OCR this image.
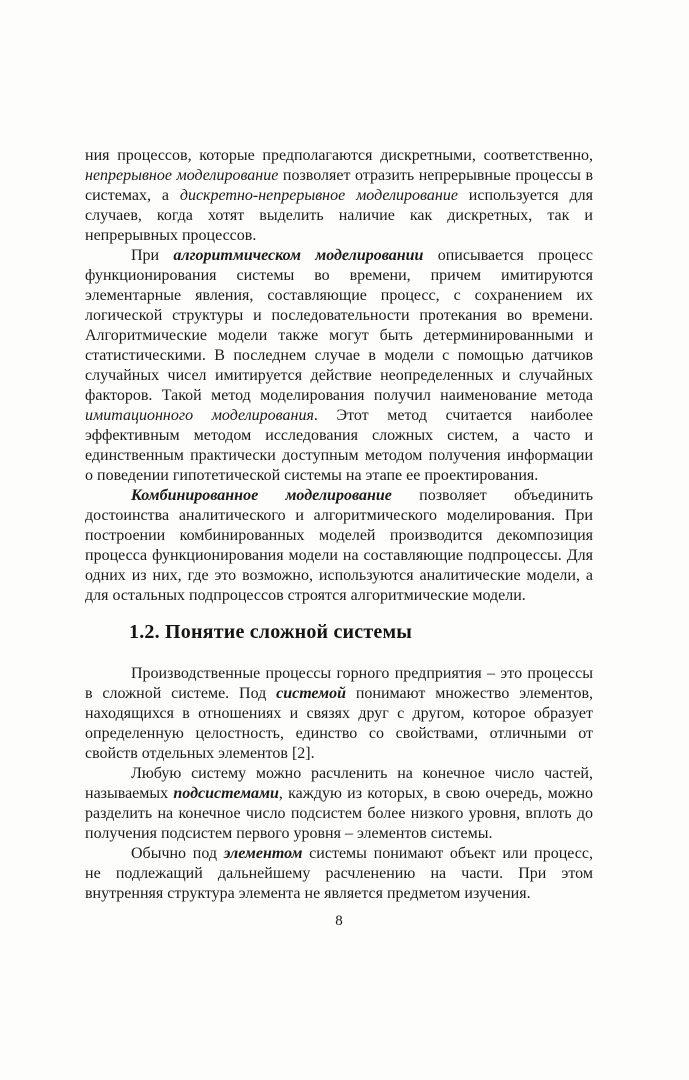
ния процессов, которые предполагаются дискретными, соответственно, непрерывное моделирование позволяет отразить непрерывные процессы в системах, а дискретно-непрерывное моделирование используется для случаев, когда хотят выделить наличие как дискретных, так и непрерывных процессов.

При алгоритмическом моделировании описывается процесс функционирования системы во времени, причем имитируются элементарные явления, составляющие процесс, с сохранением их логической структуры и последовательности протекания во времени. Алгоритмические модели также могут быть детерминированными и статистическими. В последнем случае в модели с помощью датчиков случайных чисел имитируется действие неопределенных и случайных факторов. Такой метод моделирования получил наименование метода имитационного моделирования. Этот метод считается наиболее эффективным методом исследования сложных систем, а часто и единственным практически доступным методом получения информации о поведении гипотетической системы на этапе ее проектирования.

Комбинированное моделирование позволяет объединить достоинства аналитического и алгоритмического моделирования. При построении комбинированных моделей производится декомпозиция процесса функционирования модели на составляющие подпроцессы. Для одних из них, где это возможно, используются аналитические модели, а для остальных подпроцессов строятся алгоритмические модели.

1.2. Понятие сложной системы

Производственные процессы горного предприятия – это процессы в сложной системе. Под системой понимают множество элементов, находящихся в отношениях и связях друг с другом, которое образует определенную целостность, единство со свойствами, отличными от свойств отдельных элементов [2].

Любую систему можно расчленить на конечное число частей, называемых подсистемами, каждую из которых, в свою очередь, можно разделить на конечное число подсистем более низкого уровня, вплоть до получения подсистем первого уровня – элементов системы.

Обычно под элементом системы понимают объект или процесс, не подлежащий дальнейшему расчленению на части. При этом внутренняя структура элемента не является предметом изучения.

8
